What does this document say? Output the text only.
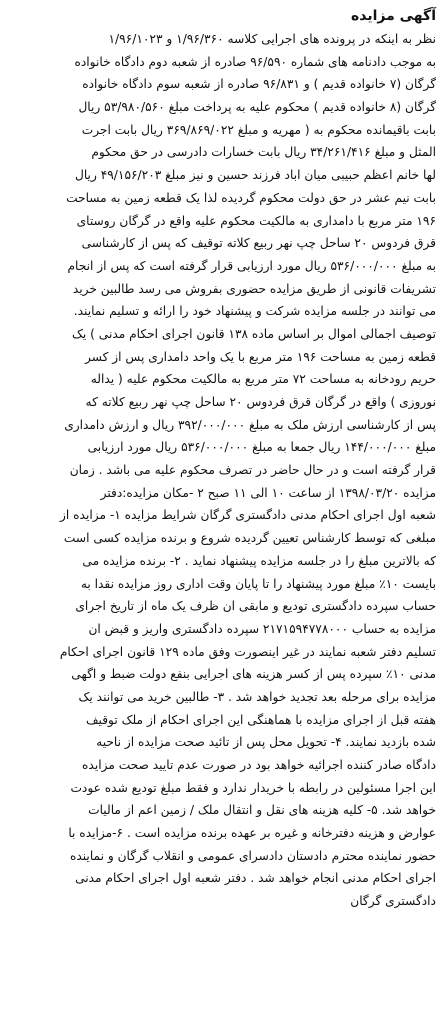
آگهی مزایده
نظر به اینکه در پرونده های اجرایی کلاسه ۱/۹۶/۳۶۰ و ۱/۹۶/۱۰۲۳
به موجب دادنامه های شماره ۹۶/۵۹۰ صادره از شعبه دوم دادگاه خانواده
گرگان (۷ خانواده قدیم ) و ۹۶/۸۳۱ صادره از شعبه سوم دادگاه خانواده
گرگان (۸ خانواده قدیم ) محکوم علیه به پرداخت مبلغ ۵۳/۹۸۰/۵۶۰ ریال
بابت باقیمانده محکوم به ( مهریه و مبلغ ۳۶۹/۸۶۹/۰۲۲ ریال بابت اجرت
المثل و مبلغ ۳۴/۲۶۱/۴۱۶ ریال بابت خسارات دادرسی در حق محکوم
لها خانم اعظم حبیبی میان اباد فرزند حسین و نیز مبلغ ۴۹/۱۵۶/۲۰۳ ریال
بابت نیم عشر در حق دولت محکوم گردیده لذا یک قطعه زمین به مساحت
۱۹۶ متر مربع با دامداری به مالکیت محکوم علیه واقع در گرگان روستای
قرق فردوس ۲۰ ساحل چپ نهر ربیع کلاته توقیف که پس از کارشناسی
به مبلغ ۵۳۶/۰۰۰/۰۰۰ ریال مورد ارزیابی قرار گرفته است که پس از انجام
تشریفات قانونی از طریق مزایده حضوری بفروش می رسد طالبین خرید
می توانند در جلسه مزایده شرکت و پیشنهاد خود را ارائه و تسلیم نمایند.
توصیف اجمالی اموال بر اساس ماده ۱۳۸ قانون اجرای احکام مدنی ) یک
قطعه زمین به مساحت ۱۹۶ متر مربع با یک واحد دامداری پس از کسر
حریم رودخانه به مساحت ۷۲ متر مربع به مالکیت محکوم علیه ( یداله
نوروزی ) واقع در گرگان قرق فردوس ۲۰ ساحل چپ نهر ربیع کلاته که
پس از کارشناسی ارزش ملک به مبلغ ۳۹۲/۰۰۰/۰۰۰ ریال و ارزش دامداری
مبلغ ۱۴۴/۰۰۰/۰۰۰ ریال جمعا به مبلغ ۵۳۶/۰۰۰/۰۰۰ ریال مورد ارزیابی
قرار گرفته است و در حال حاضر در تصرف محکوم علیه می باشد . زمان
مزایده ۱۳۹۸/۰۳/۲۰ از ساعت ۱۰ الی ۱۱ صبح ۲ -مکان مزایده:دفتر
شعبه اول اجرای احکام مدنی دادگستری گرگان شرایط مزایده ۱- مزایده از
مبلغی که توسط کارشناس تعیین گردیده شروع و برنده مزایده کسی است
که بالاترین مبلغ را در جلسه مزایده پیشنهاد نماید . ۲- برنده مزایده می
بایست ۱۰٪ مبلغ مورد پیشنهاد را تا پایان وقت اداری روز مزایده نقدا به
حساب سپرده دادگستری تودیع و مابقی ان ظرف یک ماه از تاریخ اجرای
مزایده به حساب ۲۱۷۱۵۹۴۷۷۸۰۰۰ سپرده دادگستری واریز و قبض ان
تسلیم دفتر شعبه نمایند در غیر اینصورت وفق ماده ۱۲۹ قانون اجرای احکام
مدنی ۱۰٪ سپرده پس از کسر هزینه های اجرایی بنفع دولت ضبط و اگهی
مزایده برای مرحله بعد تجدید خواهد شد . ۳- طالبین خرید می توانند یک
هفته قبل از اجرای مزایده با هماهنگی این اجرای احکام از ملک توقیف
شده بازدید نمایند. ۴- تحویل محل پس از تائید صحت مزایده از ناحیه
دادگاه صادر کننده اجرائیه خواهد بود در صورت عدم تایید صحت مزایده
این اجرا مسئولین در رابطه با خریدار ندارد و فقط مبلغ تودیع شده عودت
خواهد شد. ۵- کلیه هزینه های نقل و انتقال ملک / زمین اعم از مالیات
عوارض و هزینه دفترخانه و غیره بر عهده برنده مزایده است . ۶-مزایده با
حضور نماینده محترم دادستان دادسرای عمومی و انقلاب گرگان و نماینده
اجرای احکام مدنی انجام خواهد شد . دفتر شعبه اول اجرای احکام مدنی
دادگستری گرگان
